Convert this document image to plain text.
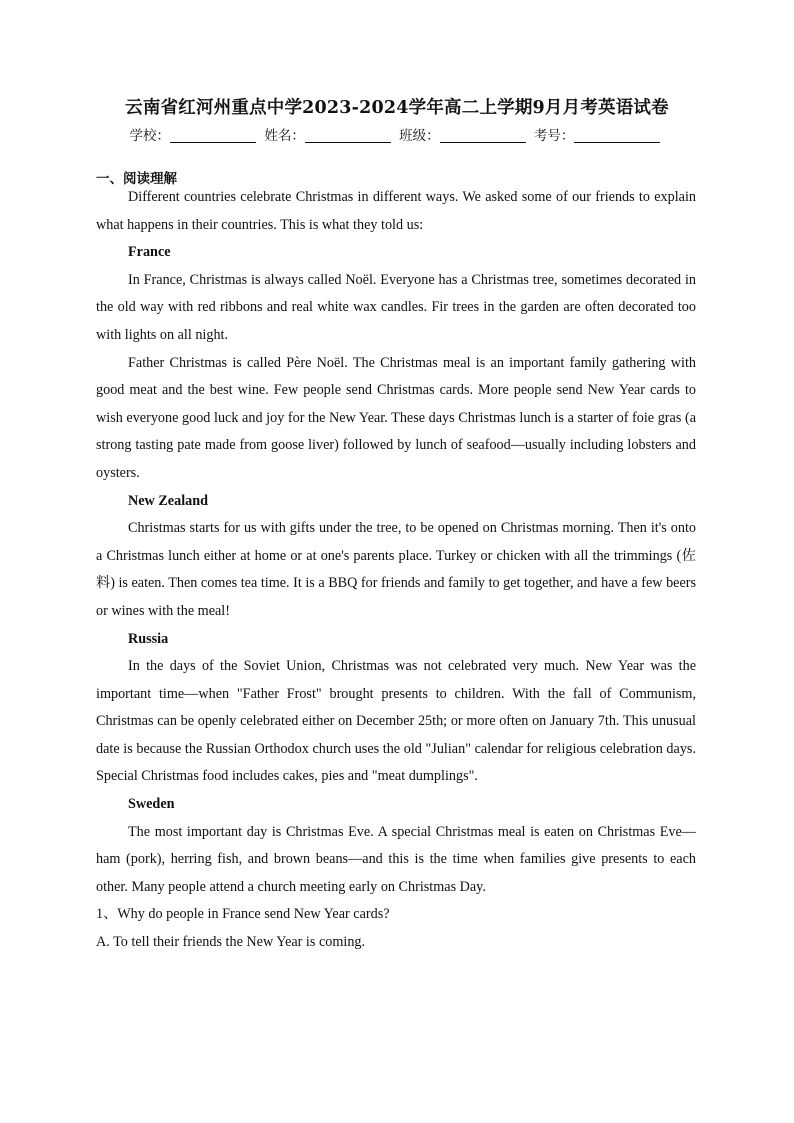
云南省红河州重点中学2023-2024学年高二上学期9月月考英语试卷
学校：	姓名：	班级：	考号：
一、阅读理解

Different countries celebrate Christmas in different ways. We asked some of our friends to explain what happens in their countries. This is what they told us:

France

In France, Christmas is always called Noël. Everyone has a Christmas tree, sometimes decorated in the old way with red ribbons and real white wax candles. Fir trees in the garden are often decorated too with lights on all night.

Father Christmas is called Père Noël. The Christmas meal is an important family gathering with good meat and the best wine. Few people send Christmas cards. More people send New Year cards to wish everyone good luck and joy for the New Year. These days Christmas lunch is a starter of foie gras (a strong tasting pate made from goose liver) followed by lunch of seafood—usually including lobsters and oysters.

New Zealand

Christmas starts for us with gifts under the tree, to be opened on Christmas morning. Then it's onto a Christmas lunch either at home or at one's parents place. Turkey or chicken with all the trimmings (佐料) is eaten. Then comes tea time. It is a BBQ for friends and family to get together, and have a few beers or wines with the meal!

Russia

In the days of the Soviet Union, Christmas was not celebrated very much. New Year was the important time—when "Father Frost" brought presents to children. With the fall of Communism, Christmas can be openly celebrated either on December 25th; or more often on January 7th. This unusual date is because the Russian Orthodox church uses the old "Julian" calendar for religious celebration days. Special Christmas food includes cakes, pies and "meat dumplings".

Sweden

The most important day is Christmas Eve. A special Christmas meal is eaten on Christmas Eve—ham (pork), herring fish, and brown beans—and this is the time when families give presents to each other. Many people attend a church meeting early on Christmas Day.

1、Why do people in France send New Year cards?

A. To tell their friends the New Year is coming.
